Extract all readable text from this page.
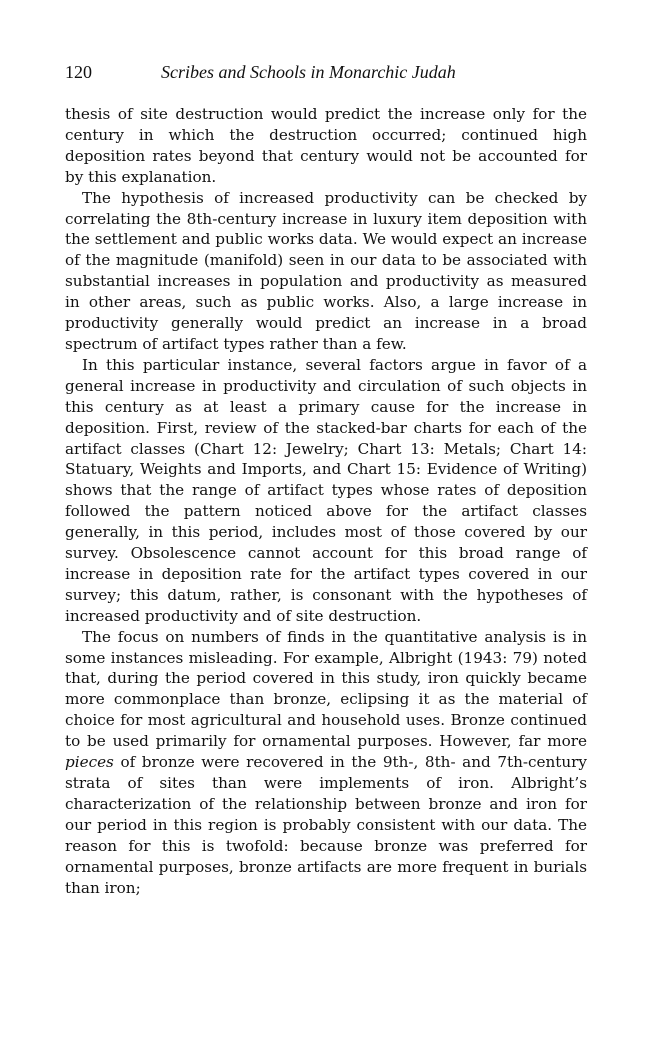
120	Scribes and Schools in Monarchic Judah

thesis of site destruction would predict the increase only for the century in which the destruction occurred; continued high deposition rates beyond that century would not be accounted for by this explanation.

The hypothesis of increased productivity can be checked by correlating the 8th-century increase in luxury item deposition with the settlement and public works data. We would expect an increase of the magnitude (manifold) seen in our data to be associated with substantial increases in population and productivity as measured in other areas, such as public works. Also, a large increase in productivity generally would predict an increase in a broad spectrum of artifact types rather than a few.

In this particular instance, several factors argue in favor of a general increase in productivity and circulation of such objects in this century as at least a primary cause for the increase in deposition. First, review of the stacked-bar charts for each of the artifact classes (Chart 12: Jewelry; Chart 13: Metals; Chart 14: Statuary, Weights and Imports, and Chart 15: Evidence of Writing) shows that the range of artifact types whose rates of deposition followed the pattern noticed above for the artifact classes generally, in this period, includes most of those covered by our survey. Obsolescence cannot account for this broad range of increase in deposition rate for the artifact types covered in our survey; this datum, rather, is consonant with the hypotheses of increased productivity and of site destruction.

The focus on numbers of finds in the quantitative analysis is in some instances misleading. For example, Albright (1943: 79) noted that, during the period covered in this study, iron quickly became more commonplace than bronze, eclipsing it as the material of choice for most agricultural and household uses. Bronze continued to be used primarily for ornamental purposes. However, far more pieces of bronze were recovered in the 9th-, 8th- and 7th-century strata of sites than were implements of iron. Albright’s characterization of the relationship between bronze and iron for our period in this region is probably consistent with our data. The reason for this is twofold: because bronze was preferred for ornamental purposes, bronze artifacts are more frequent in burials than iron;
